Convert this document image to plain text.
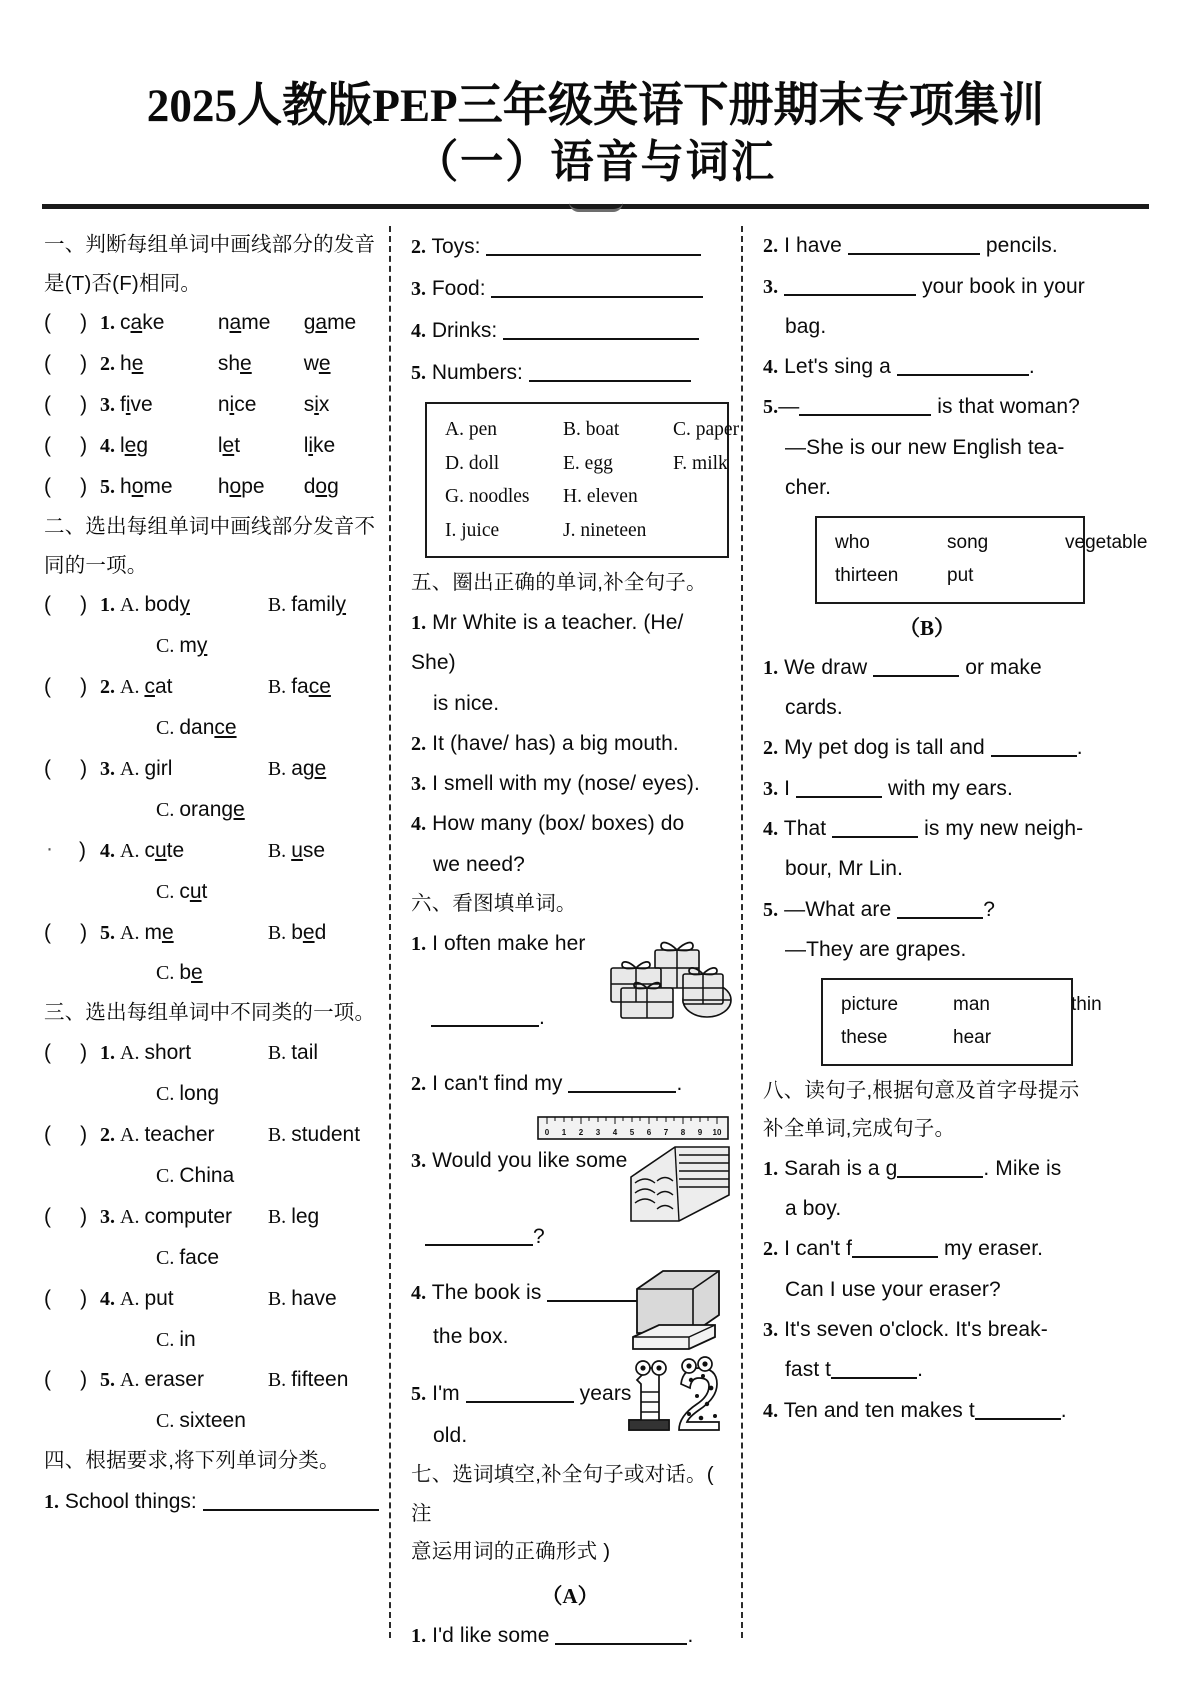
2025人教版PEP三年级英语下册期末专项集训
（一）语音与词汇
一、判断每组单词中画线部分的发音
是(T)否(F)相同。
(     ) 1. cake	name game
(     ) 2. he	she we
(     ) 3. five	nice six
(     ) 4. leg	let	like
(     ) 5. home hope dog
二、选出每组单词中画线部分发音不
同的一项。
(     ) 1. A. body	B. family
C. my
(     ) 2. A. cat	B. face
C. dance
(     ) 3. A. girl	B. age
C. orange
·       ) 4. A. cute	B. use
C. cut
(     ) 5. A. me	B. bed
C. be
三、选出每组单词中不同类的一项。
(     ) 1. A. short	B. tail
C. long
(     ) 2. A. teacher	B. student
C. China
(     ) 3. A. computer B. leg
C. face
(     ) 4. A. put	B. have
C. in
(     ) 5. A. eraser	B. fifteen
C. sixteen
四、根据要求,将下列单词分类。
1. School things:
2. Toys:
3. Food:
4. Drinks:
5. Numbers:
A. pen	B. boat	C. paper
D. doll	E. egg	F. milk
G. noodles	H. eleven
I. juice	J. nineteen
五、圈出正确的单词,补全句子。
1. Mr White is a teacher. (He/ She)
is nice.
2. It (have/ has) a big mouth.
3. I smell with my (nose/ eyes).
4. How many (box/ boxes) do
we need?
六、看图填单词。
1. I often make her
.
2. I can't find my	.
0 1 2 3 4 5 6 7 8 9 10
3. Would you like some
?
4. The book is
the box.
5. I'm	years
old.
七、选词填空,补全句子或对话。( 注
意运用词的正确形式 )
（A）
1. I'd like some	.
2. I have	pencils.
3.	your book in your
bag.
4. Let's sing a	.
5.—	is that woman?
—She is our new English tea-
cher.
who	song	vegetable
thirteen	put
（B）
1. We draw	or make
cards.
2. My pet dog is tall and	.
3. I	with my ears.
4. That	is my new neigh-
bour, Mr Lin.
5. —What are	?
—They are grapes.
picture	man	thin
these	hear
八、读句子,根据句意及首字母提示
补全单词,完成句子。
1. Sarah is a g	. Mike is
a boy.
2. I can't f	my eraser.
Can I use your eraser?
3. It's seven o'clock. It's break-
fast t	.
4. Ten and ten makes t	.
